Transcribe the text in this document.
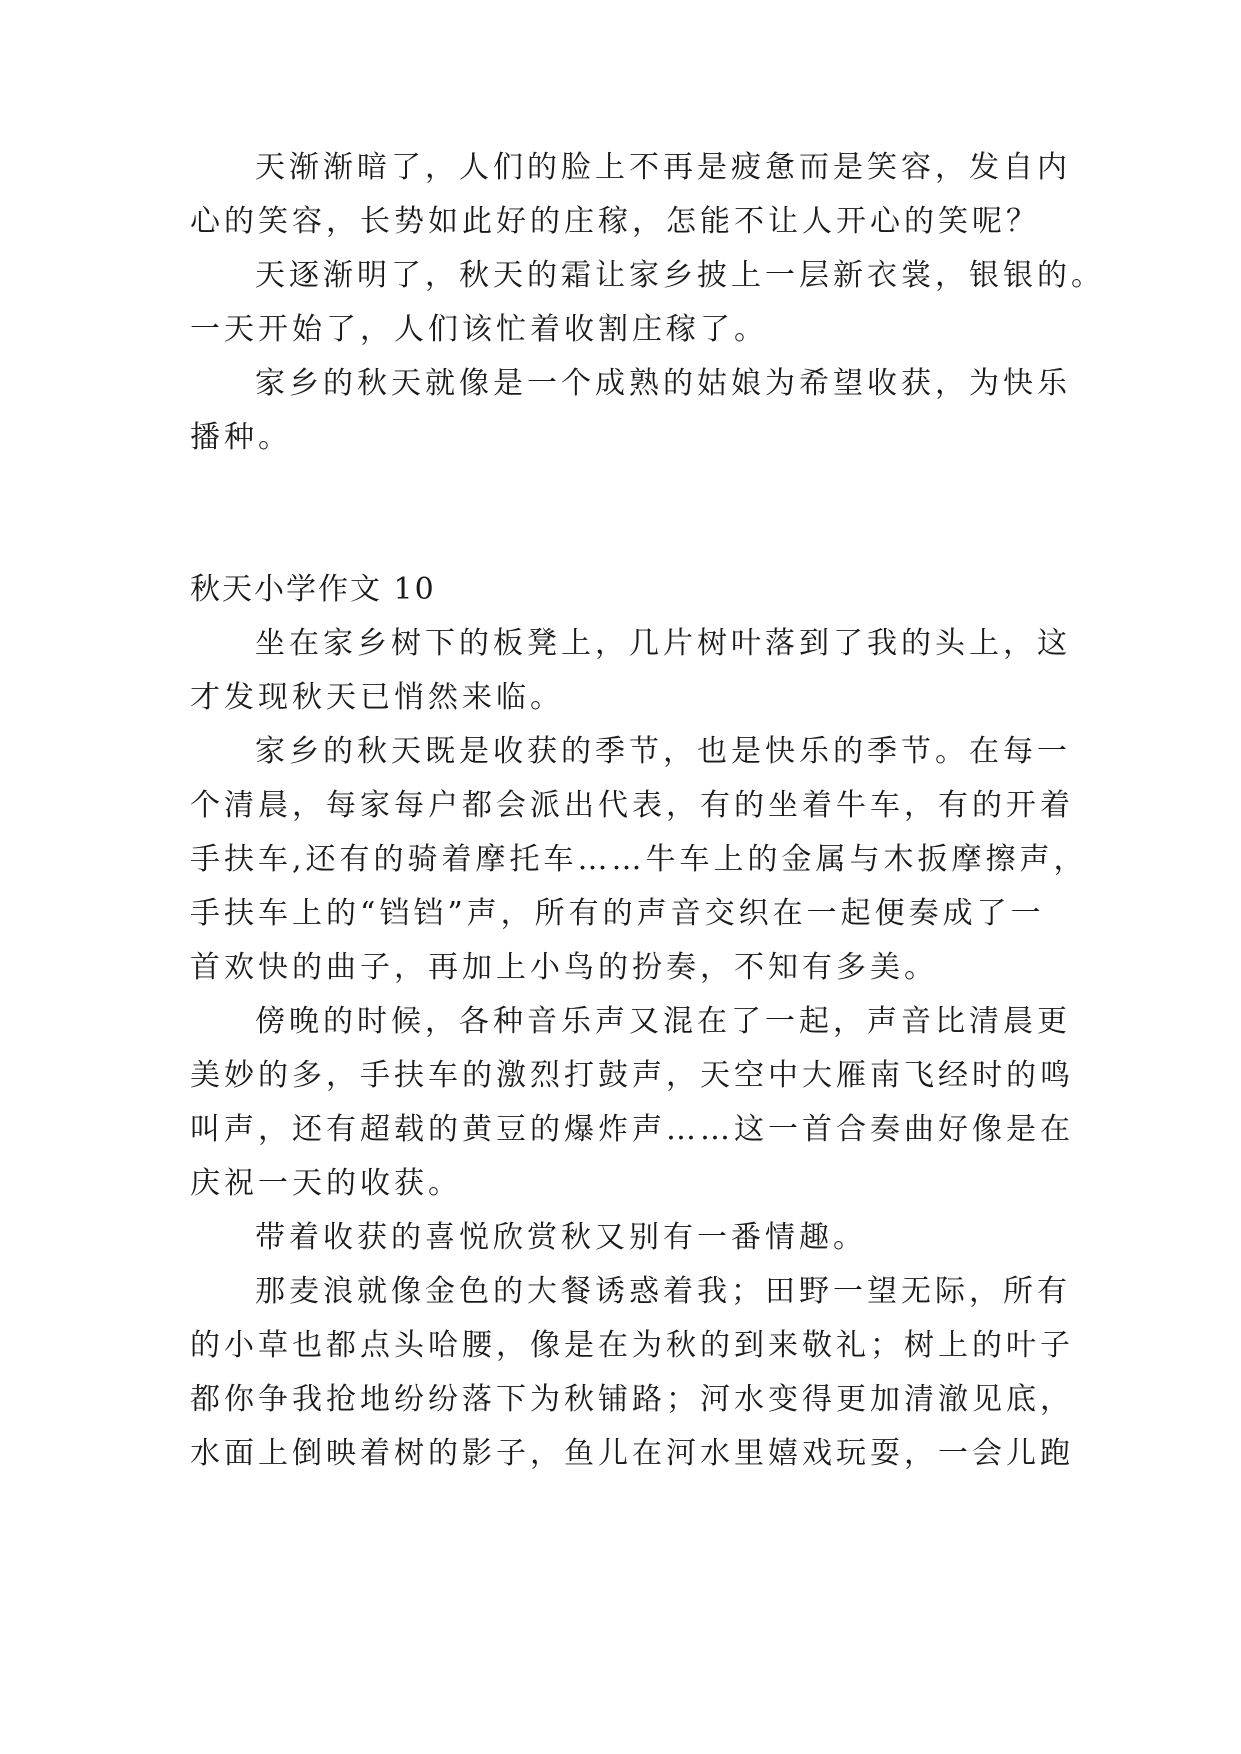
天渐渐暗了，人们的脸上不再是疲惫而是笑容，发自内
心的笑容，长势如此好的庄稼，怎能不让人开心的笑呢？
天逐渐明了，秋天的霜让家乡披上一层新衣裳，银银的。
一天开始了，人们该忙着收割庄稼了。
家乡的秋天就像是一个成熟的姑娘为希望收获，为快乐
播种。
秋天小学作文 10
坐在家乡树下的板凳上，几片树叶落到了我的头上，这
才发现秋天已悄然来临。
家乡的秋天既是收获的季节，也是快乐的季节。在每一
个清晨，每家每户都会派出代表，有的坐着牛车，有的开着
手扶车,还有的骑着摩托车……牛车上的金属与木扳摩擦声，
手扶车上的“铛铛”声，所有的声音交织在一起便奏成了一
首欢快的曲子，再加上小鸟的扮奏，不知有多美。
傍晚的时候，各种音乐声又混在了一起，声音比清晨更
美妙的多，手扶车的激烈打鼓声，天空中大雁南飞经时的鸣
叫声，还有超载的黄豆的爆炸声……这一首合奏曲好像是在
庆祝一天的收获。
带着收获的喜悦欣赏秋又别有一番情趣。
那麦浪就像金色的大餐诱惑着我；田野一望无际，所有
的小草也都点头哈腰，像是在为秋的到来敬礼；树上的叶子
都你争我抢地纷纷落下为秋铺路；河水变得更加清澈见底，
水面上倒映着树的影子，鱼儿在河水里嬉戏玩耍，一会儿跑
